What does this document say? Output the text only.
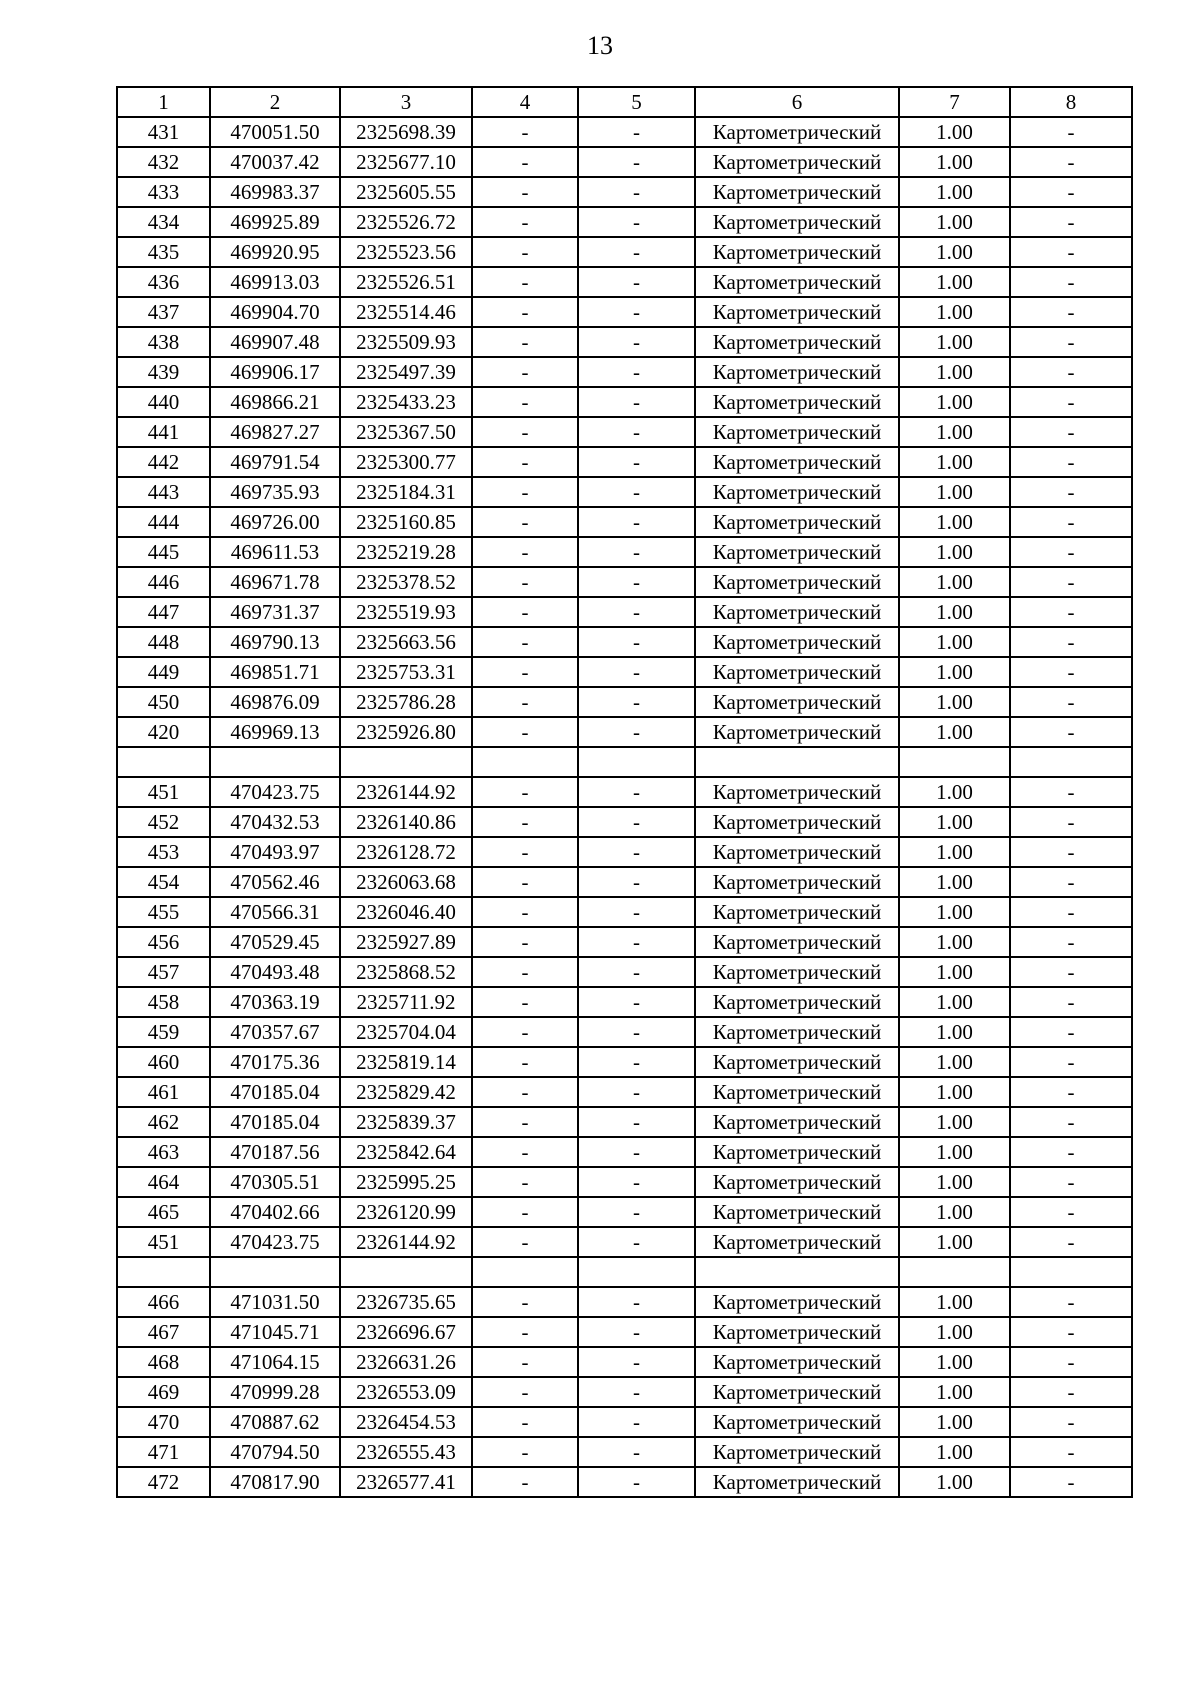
13
1	2	3	4	5	6	7	8
431	470051.50	2325698.39	-	-	Картометрический	1.00	-
432	470037.42	2325677.10	-	-	Картометрический	1.00	-
433	469983.37	2325605.55	-	-	Картометрический	1.00	-
434	469925.89	2325526.72	-	-	Картометрический	1.00	-
435	469920.95	2325523.56	-	-	Картометрический	1.00	-
436	469913.03	2325526.51	-	-	Картометрический	1.00	-
437	469904.70	2325514.46	-	-	Картометрический	1.00	-
438	469907.48	2325509.93	-	-	Картометрический	1.00	-
439	469906.17	2325497.39	-	-	Картометрический	1.00	-
440	469866.21	2325433.23	-	-	Картометрический	1.00	-
441	469827.27	2325367.50	-	-	Картометрический	1.00	-
442	469791.54	2325300.77	-	-	Картометрический	1.00	-
443	469735.93	2325184.31	-	-	Картометрический	1.00	-
444	469726.00	2325160.85	-	-	Картометрический	1.00	-
445	469611.53	2325219.28	-	-	Картометрический	1.00	-
446	469671.78	2325378.52	-	-	Картометрический	1.00	-
447	469731.37	2325519.93	-	-	Картометрический	1.00	-
448	469790.13	2325663.56	-	-	Картометрический	1.00	-
449	469851.71	2325753.31	-	-	Картометрический	1.00	-
450	469876.09	2325786.28	-	-	Картометрический	1.00	-
420	469969.13	2325926.80	-	-	Картометрический	1.00	-

451	470423.75	2326144.92	-	-	Картометрический	1.00	-
452	470432.53	2326140.86	-	-	Картометрический	1.00	-
453	470493.97	2326128.72	-	-	Картометрический	1.00	-
454	470562.46	2326063.68	-	-	Картометрический	1.00	-
455	470566.31	2326046.40	-	-	Картометрический	1.00	-
456	470529.45	2325927.89	-	-	Картометрический	1.00	-
457	470493.48	2325868.52	-	-	Картометрический	1.00	-
458	470363.19	2325711.92	-	-	Картометрический	1.00	-
459	470357.67	2325704.04	-	-	Картометрический	1.00	-
460	470175.36	2325819.14	-	-	Картометрический	1.00	-
461	470185.04	2325829.42	-	-	Картометрический	1.00	-
462	470185.04	2325839.37	-	-	Картометрический	1.00	-
463	470187.56	2325842.64	-	-	Картометрический	1.00	-
464	470305.51	2325995.25	-	-	Картометрический	1.00	-
465	470402.66	2326120.99	-	-	Картометрический	1.00	-
451	470423.75	2326144.92	-	-	Картометрический	1.00	-

466	471031.50	2326735.65	-	-	Картометрический	1.00	-
467	471045.71	2326696.67	-	-	Картометрический	1.00	-
468	471064.15	2326631.26	-	-	Картометрический	1.00	-
469	470999.28	2326553.09	-	-	Картометрический	1.00	-
470	470887.62	2326454.53	-	-	Картометрический	1.00	-
471	470794.50	2326555.43	-	-	Картометрический	1.00	-
472	470817.90	2326577.41	-	-	Картометрический	1.00	-
